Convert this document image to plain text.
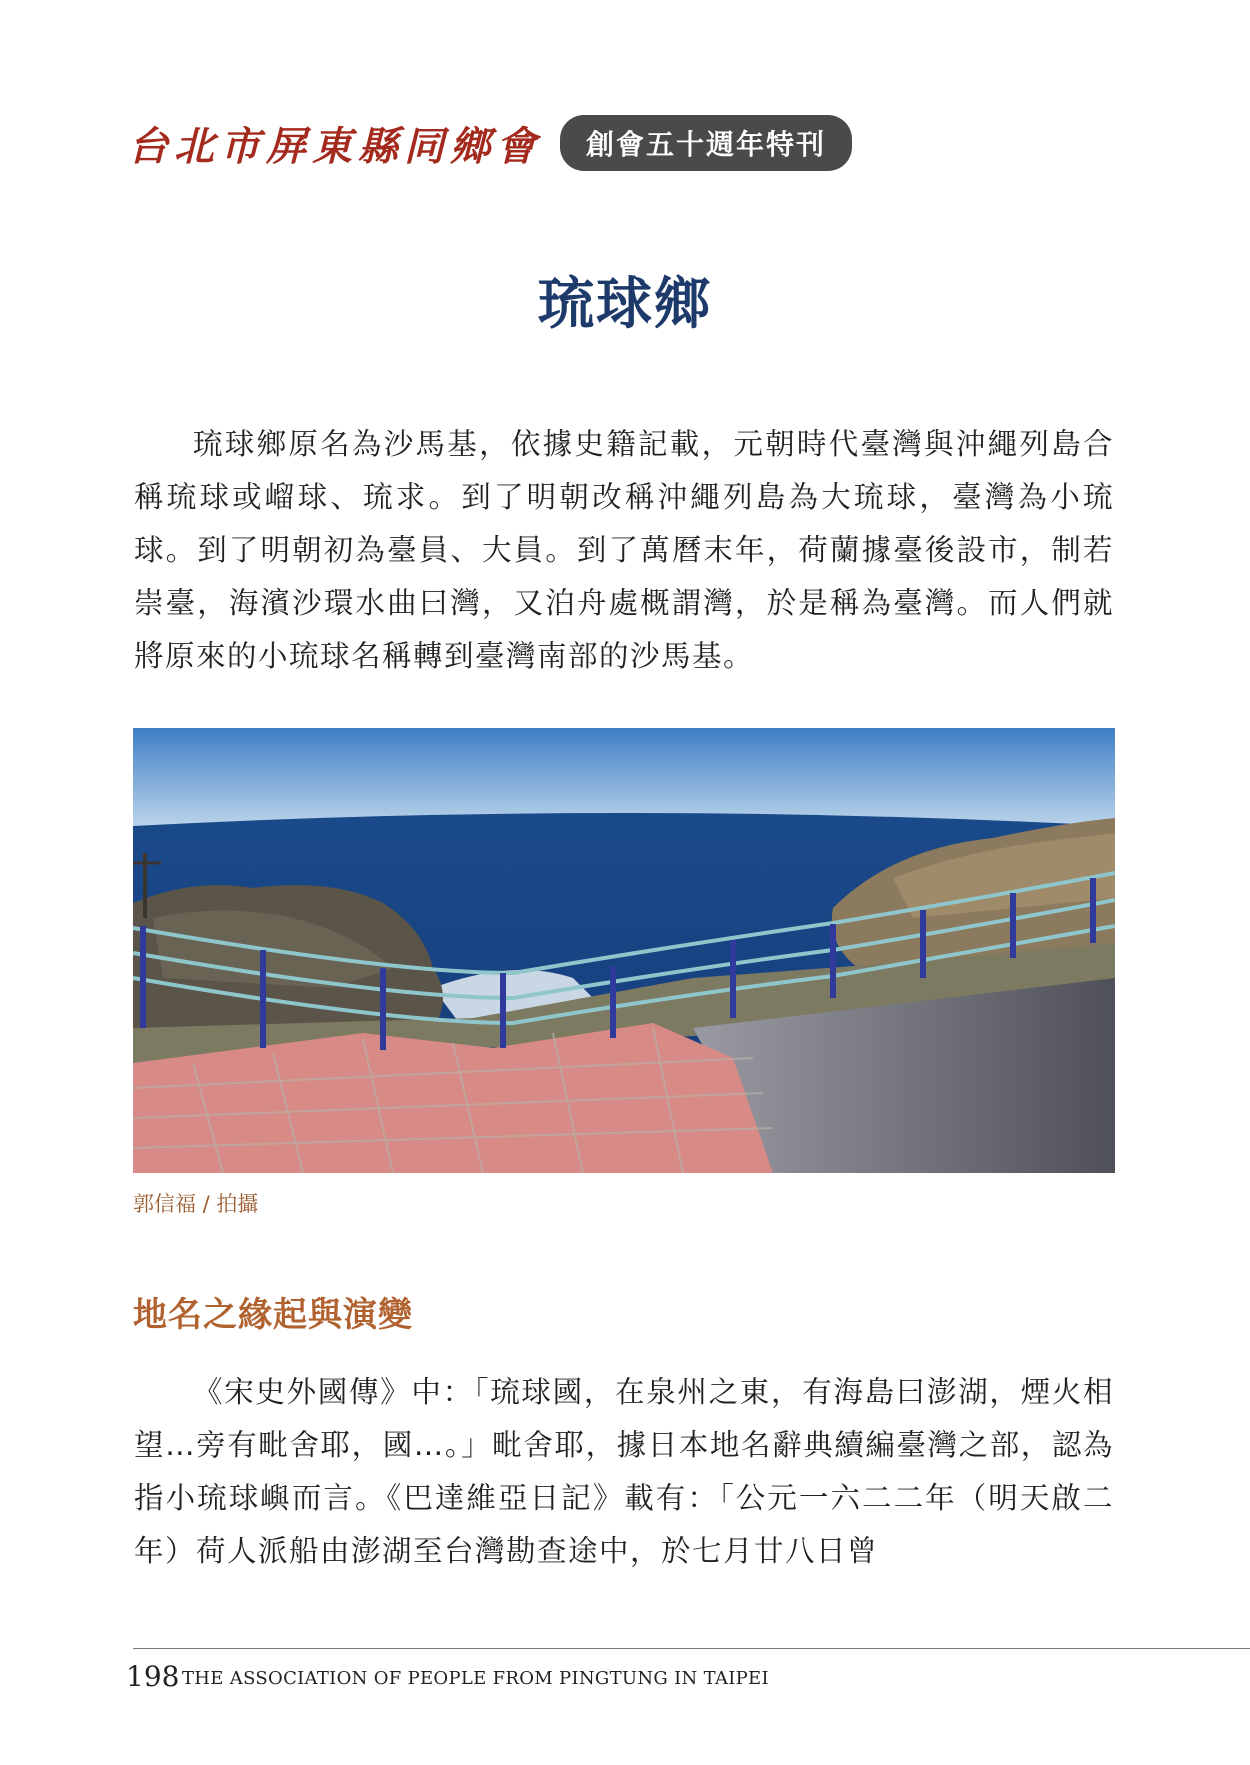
台北市屏東縣同鄉會	創會五十週年特刊
琉球鄉

琉球鄉原名為沙馬基，依據史籍記載，元朝時代臺灣與沖繩列島合稱琉球或嵧球、琉求。到了明朝改稱沖繩列島為大琉球，臺灣為小琉球。到了明朝初為臺員、大員。到了萬曆末年，荷蘭據臺後設市，制若崇臺，海濱沙環水曲曰灣，又泊舟處概謂灣，於是稱為臺灣。而人們就將原來的小琉球名稱轉到臺灣南部的沙馬基。

郭信福 / 拍攝
地名之緣起與演變

《宋史外國傳》中：「琉球國，在泉州之東，有海島曰澎湖，煙火相望…旁有毗舍耶，國…。」毗舍耶，據日本地名辭典續編臺灣之部，認為指小琉球嶼而言。《巴達維亞日記》載有：「公元一六二二年（明天啟二年）荷人派船由澎湖至台灣勘查途中，於七月廿八日曾

198 THE ASSOCIATION OF PEOPLE FROM PINGTUNG IN TAIPEI
